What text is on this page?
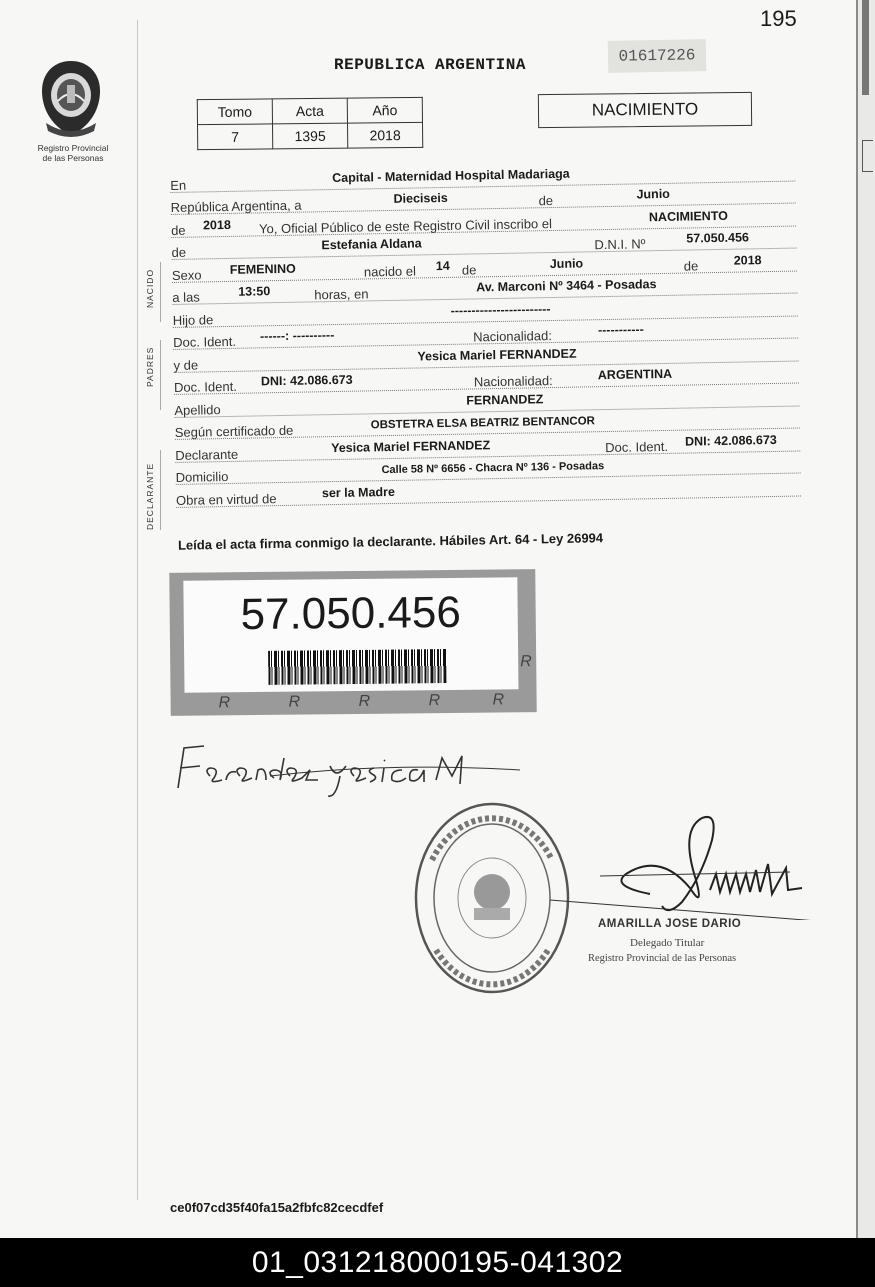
195
Registro Provincial
de las Personas
REPUBLICA ARGENTINA	01617226
Tomo	Acta	Año
7	1395	2018
NACIMIENTO
En
Capital - Maternidad Hospital Madariaga
República Argentina, a	Dieciseis	de	Junio
de 2018 Yo, Oficial Público de este Registro Civil inscribo el	NACIMIENTO
de
Estefania Aldana	D.N.I. Nº	57.050.456
Sexo FEMENINO	nacido el 14 de	Junio	de	2018
a las	13:50	horas, en	Av. Marconi Nº 3464 - Posadas
Hijo de
------------------------
Doc. Ident. ------: ----------	Nacionalidad:	-----------
y de
Yesica Mariel FERNANDEZ
Doc. Ident. DNI: 42.086.673	Nacionalidad:	ARGENTINA
Apellido
FERNANDEZ
Según certificado de	OBSTETRA ELSA BEATRIZ BENTANCOR
Declarante	Yesica Mariel FERNANDEZ	Doc. Ident. DNI: 42.086.673
Domicilio
Calle 58 Nº 6656 - Chacra Nº 136 - Posadas
Obra en virtud de	ser la Madre
NACIDO
PADRES
DECLARANTE
Leída el acta firma conmigo la declarante. Hábiles Art. 64 - Ley 26994
57.050.456
R	R	R	R	R
R
AMARILLA JOSE DARIO
Delegado Titular
Registro Provincial de las Personas
ce0f07cd35f40fa15a2fbfc82cecdfef
01_031218000195-041302
